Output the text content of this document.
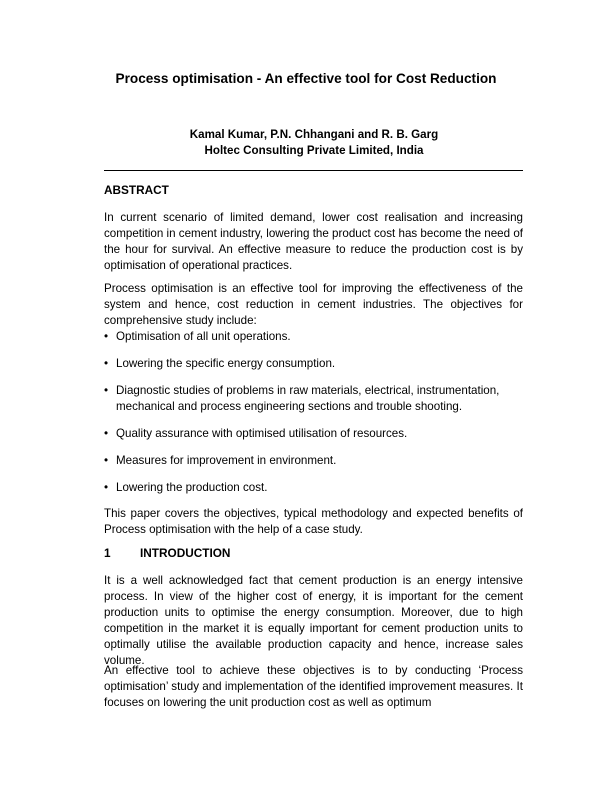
Process optimisation - An effective tool for Cost Reduction
Kamal Kumar, P.N. Chhangani and R. B. Garg
Holtec Consulting Private Limited, India
ABSTRACT
In current scenario of limited demand, lower cost realisation and increasing competition in cement industry, lowering the product cost has become the need of the hour for survival. An effective measure to reduce the production cost is by optimisation of operational practices.
Process optimisation is an effective tool for improving the effectiveness of the system and hence, cost reduction in cement industries. The objectives for comprehensive study include:
• Optimisation of all unit operations.
• Lowering the specific energy consumption.
• Diagnostic studies of problems in raw materials, electrical, instrumentation, mechanical and process engineering sections and trouble shooting.
• Quality assurance with optimised utilisation of resources.
• Measures for improvement in environment.
• Lowering the production cost.
This paper covers the objectives, typical methodology and expected benefits of Process optimisation with the help of a case study.
1 INTRODUCTION
It is a well acknowledged fact that cement production is an energy intensive process. In view of the higher cost of energy, it is important for the cement production units to optimise the energy consumption. Moreover, due to high competition in the market it is equally important for cement production units to optimally utilise the available production capacity and hence, increase sales volume.
An effective tool to achieve these objectives is to by conducting ‘Process optimisation’ study and implementation of the identified improvement measures. It focuses on lowering the unit production cost as well as optimum
